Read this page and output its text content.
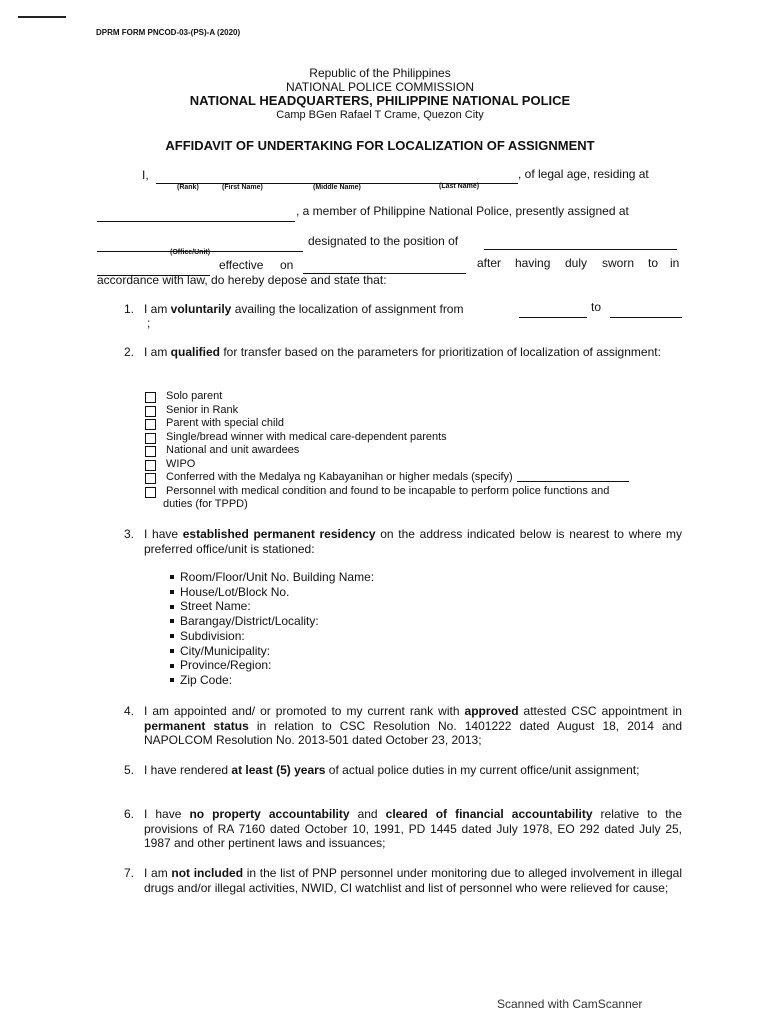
DPRM FORM PNCOD-03-(PS)-A (2020)
Republic of the Philippines
NATIONAL POLICE COMMISSION
NATIONAL HEADQUARTERS, PHILIPPINE NATIONAL POLICE
Camp BGen Rafael T Crame, Quezon City
AFFIDAVIT OF UNDERTAKING FOR LOCALIZATION OF ASSIGNMENT
I,	, of legal age, residing at
(Rank)	(First Name)	(Middle Name)	(Last Name)
, a member of Philippine National Police, presently assigned at
designated to the position of
(Office/Unit)
effective on	after having duly sworn to in
accordance with law, do hereby depose and state that:
1. I am voluntarily availing the localization of assignment from	to
;
2. I am qualified for transfer based on the parameters for prioritization of localization of assignment:
Solo parent
Senior in Rank
Parent with special child
Single/bread winner with medical care-dependent parents
National and unit awardees
WIPO
Conferred with the Medalya ng Kabayanihan or higher medals (specify)
Personnel with medical condition and found to be incapable to perform police functions and
duties (for TPPD)
3. I have established permanent residency on the address indicated below is nearest to where my preferred office/unit is stationed:
Room/Floor/Unit No. Building Name:
House/Lot/Block No.
Street Name:
Barangay/District/Locality:
Subdivision:
City/Municipality:
Province/Region:
Zip Code:
4. I am appointed and/ or promoted to my current rank with approved attested CSC appointment in permanent status in relation to CSC Resolution No. 1401222 dated August 18, 2014 and NAPOLCOM Resolution No. 2013-501 dated October 23, 2013;
5. I have rendered at least (5) years of actual police duties in my current office/unit assignment;
6. I have no property accountability and cleared of financial accountability relative to the provisions of RA 7160 dated October 10, 1991, PD 1445 dated July 1978, EO 292 dated July 25, 1987 and other pertinent laws and issuances;
7. I am not included in the list of PNP personnel under monitoring due to alleged involvement in illegal drugs and/or illegal activities, NWID, CI watchlist and list of personnel who were relieved for cause;
Scanned with CamScanner
